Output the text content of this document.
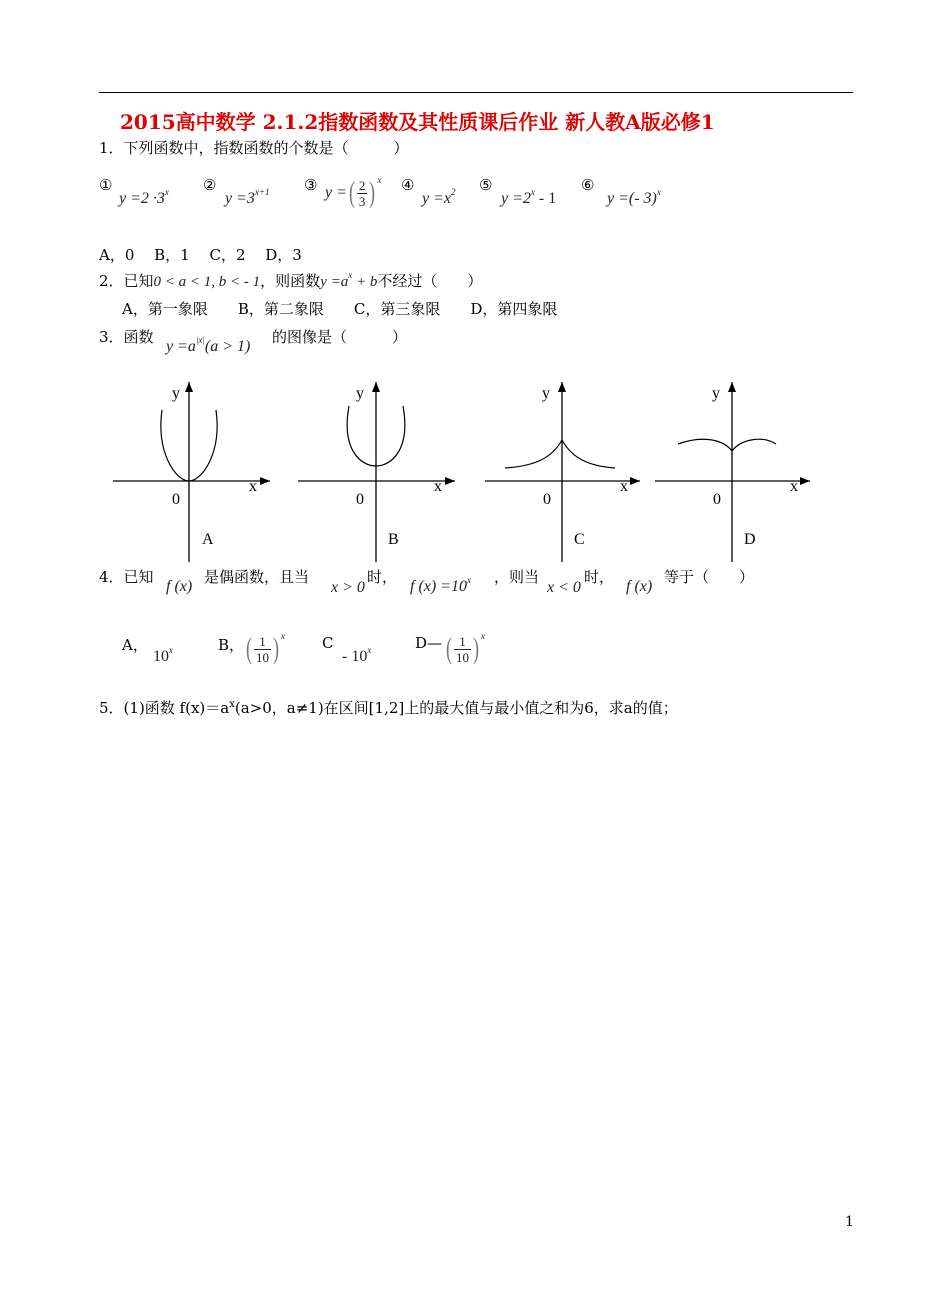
2015高中数学 2.1.2指数函数及其性质课后作业 新人教A版必修1
1．下列函数中，指数函数的个数是（　　　）
①
$y =2 \cdot 3^x$ ②
$y =3^{x+1}$ ③ y =( $\frac{2}{3}$ ) $^x$ ④
$y =x^2$ ⑤
$y =2^x - 1$
⑥
y =(- 3)$^x$
A，0　 B，1　 C，2　 D，3
2．已知0 < a < 1, b < - 1，则函数$y =a^x + b$不经过（　　）
A，第一象限　　B，第二象限　　C，第三象限　　D，第四象限
3．函数
$y =a^{|x|}(a > 1)$
的图像是（　　　）
y
x
0
A
y
x
0
B
y
x
0
C
y
x
0
D
4．已知
f (x)
是偶函数，且当
x > 0
时，
f $(x) =10^x$ ，则当
x < 0
时，
f (x)
等于（　　）
A，
10$^x$	B， ( $\frac{1}{10}$ ) $^x$ C
- 10$^x$	D— ( $\frac{1}{10}$ ) $^x$
5．(1)函数 $f(x)=a^x(a>0$，a≠1)在区间[1,2]上的最大值与最小值之和为6，求a的值；
1
